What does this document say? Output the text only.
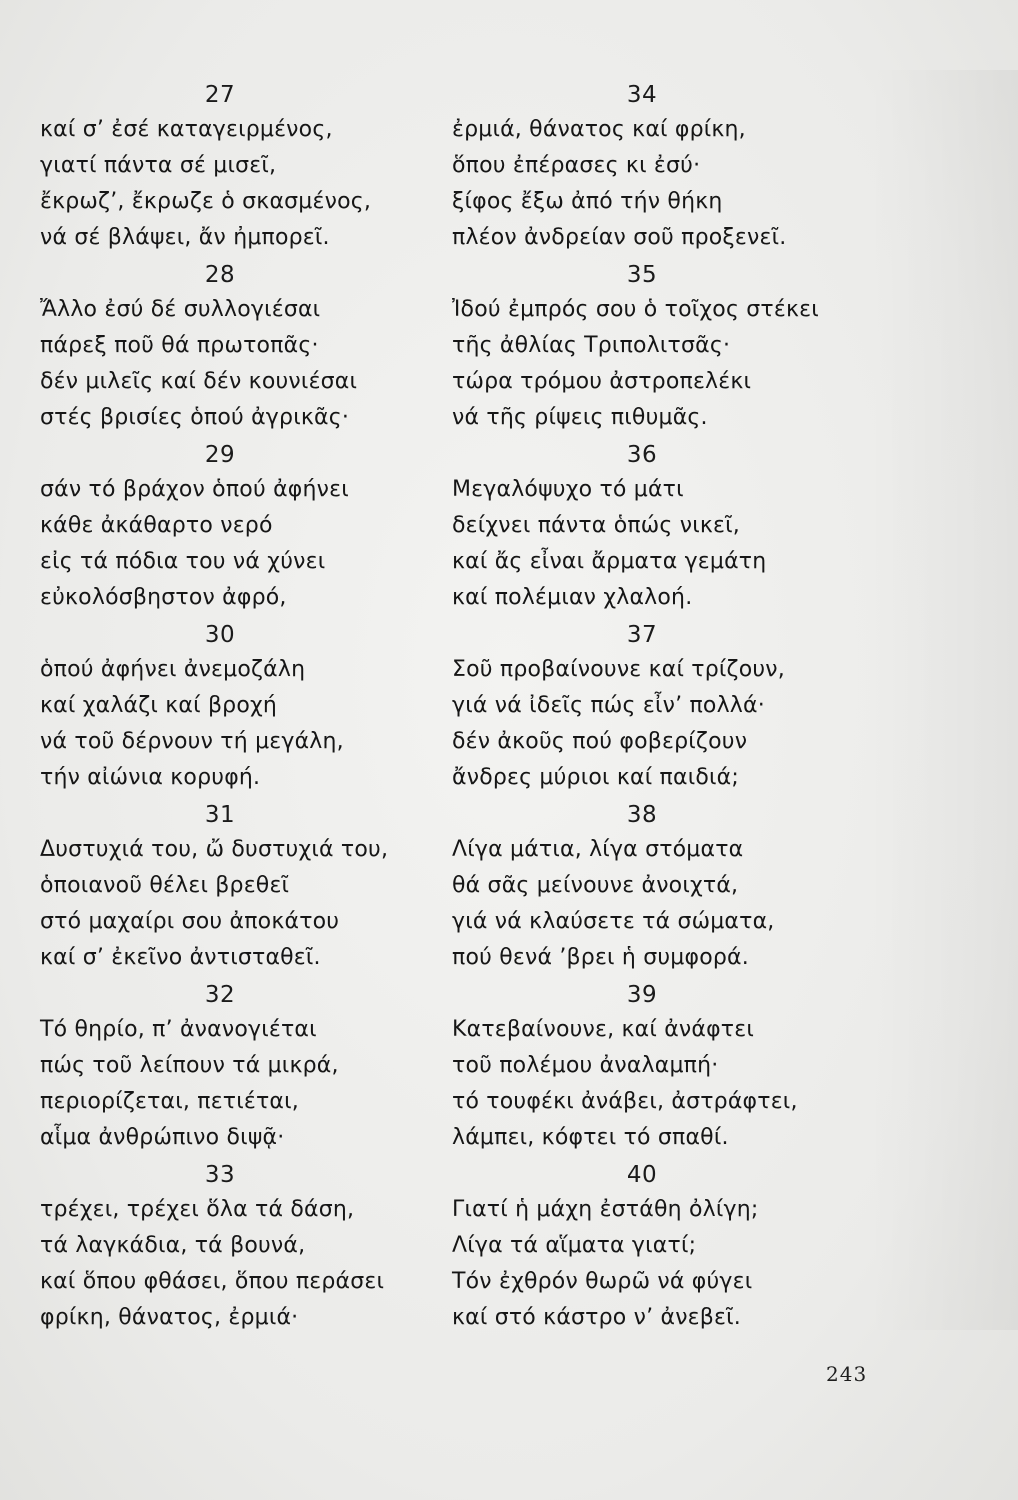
27
καί σ’ ἐσέ καταγειρμένος,
γιατί πάντα σέ μισεῖ,
ἔκρωζ’, ἔκρωζε ὁ σκασμένος,
νά σέ βλάψει, ἄν ἠμπορεῖ.
28
Ἄλλο ἐσύ δέ συλλογιέσαι
πάρεξ ποῦ θά πρωτοπᾶς·
δέν μιλεῖς καί δέν κουνιέσαι
στές βρισίες ὁπού ἀγρικᾶς·
29
σάν τό βράχον ὁπού ἀφήνει
κάθε ἀκάθαρτο νερό
εἰς τά πόδια του νά χύνει
εὐκολόσβηστον ἀφρό,
30
ὁπού ἀφήνει ἀνεμοζάλη
καί χαλάζι καί βροχή
νά τοῦ δέρνουν τή μεγάλη,
τήν αἰώνια κορυφή.
31
Δυστυχιά του, ὤ δυστυχιά του,
ὁποιανοῦ θέλει βρεθεῖ
στό μαχαίρι σου ἀποκάτου
καί σ’ ἐκεῖνο ἀντισταθεῖ.
32
Τό θηρίο, π’ ἀνανογιέται
πώς τοῦ λείπουν τά μικρά,
περιορίζεται, πετιέται,
αἷμα ἀνθρώπινο διψᾷ·
33
τρέχει, τρέχει ὅλα τά δάση,
τά λαγκάδια, τά βουνά,
καί ὅπου φθάσει, ὅπου περάσει
φρίκη, θάνατος, ἐρμιά·
34
ἐρμιά, θάνατος καί φρίκη,
ὅπου ἐπέρασες κι ἐσύ·
ξίφος ἔξω ἀπό τήν θήκη
πλέον ἀνδρείαν σοῦ προξενεῖ.
35
Ἰδού ἐμπρός σου ὁ τοῖχος στέκει
τῆς ἀθλίας Τριπολιτσᾶς·
τώρα τρόμου ἀστροπελέκι
νά τῆς ρίψεις πιθυμᾶς.
36
Μεγαλόψυχο τό μάτι
δείχνει πάντα ὁπώς νικεῖ,
καί ἄς εἶναι ἄρματα γεμάτη
καί πολέμιαν χλαλοή.
37
Σοῦ προβαίνουνε καί τρίζουν,
γιά νά ἰδεῖς πώς εἶν’ πολλά·
δέν ἀκοῦς πού φοβερίζουν
ἄνδρες μύριοι καί παιδιά;
38
Λίγα μάτια, λίγα στόματα
θά σᾶς μείνουνε ἀνοιχτά,
γιά νά κλαύσετε τά σώματα,
πού θενά ’βρει ἡ συμφορά.
39
Κατεβαίνουνε, καί ἀνάφτει
τοῦ πολέμου ἀναλαμπή·
τό τουφέκι ἀνάβει, ἀστράφτει,
λάμπει, κόφτει τό σπαθί.
40
Γιατί ἡ μάχη ἐστάθη ὀλίγη;
Λίγα τά αἵματα γιατί;
Τόν ἐχθρόν θωρῶ νά φύγει
καί στό κάστρο ν’ ἀνεβεῖ.
243
